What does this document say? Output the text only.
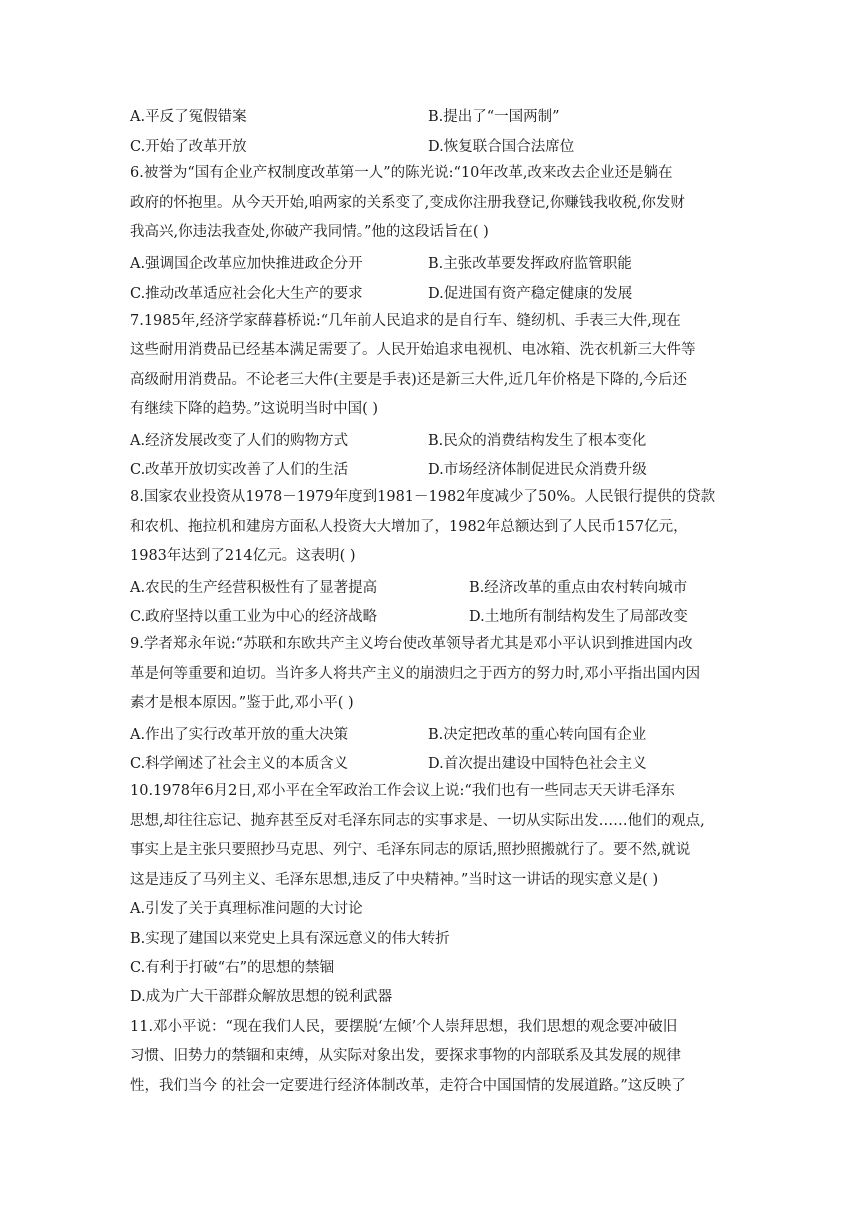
A.平反了冤假错案	B.提出了“一国两制”
C.开始了改革开放	D.恢复联合国合法席位
6.被誉为“国有企业产权制度改革第一人”的陈光说:“10年改革,改来改去企业还是躺在
政府的怀抱里。从今天开始,咱两家的关系变了,变成你注册我登记,你赚钱我收税,你发财
我高兴,你违法我查处,你破产我同情。”他的这段话旨在( )
A.强调国企改革应加快推进政企分开	B.主张改革要发挥政府监管职能
C.推动改革适应社会化大生产的要求	D.促进国有资产稳定健康的发展
7.1985年,经济学家薛暮桥说:“几年前人民追求的是自行车、缝纫机、手表三大件,现在
这些耐用消费品已经基本满足需要了。人民开始追求电视机、电冰箱、洗衣机新三大件等
高级耐用消费品。不论老三大件(主要是手表)还是新三大件,近几年价格是下降的,今后还
有继续下降的趋势。”这说明当时中国( )
A.经济发展改变了人们的购物方式	B.民众的消费结构发生了根本变化
C.改革开放切实改善了人们的生活	D.市场经济体制促进民众消费升级
8.国家农业投资从1978－1979年度到1981－1982年度减少了50%。人民银行提供的贷款
和农机、拖拉机和建房方面私人投资大大增加了，1982年总额达到了人民币157亿元，
1983年达到了214亿元。这表明( )
A.农民的生产经营积极性有了显著提高	B.经济改革的重点由农村转向城市
C.政府坚持以重工业为中心的经济战略	D.土地所有制结构发生了局部改变
9.学者郑永年说:“苏联和东欧共产主义垮台使改革领导者尤其是邓小平认识到推进国内改
革是何等重要和迫切。当许多人将共产主义的崩溃归之于西方的努力时,邓小平指出国内因
素才是根本原因。”鉴于此,邓小平( )
A.作出了实行改革开放的重大决策	B.决定把改革的重心转向国有企业
C.科学阐述了社会主义的本质含义	D.首次提出建设中国特色社会主义
10.1978年6月2日,邓小平在全军政治工作会议上说:“我们也有一些同志天天讲毛泽东
思想,却往往忘记、抛弃甚至反对毛泽东同志的实事求是、一切从实际出发……他们的观点,
事实上是主张只要照抄马克思、列宁、毛泽东同志的原话,照抄照搬就行了。要不然,就说
这是违反了马列主义、毛泽东思想,违反了中央精神。”当时这一讲话的现实意义是( )
A.引发了关于真理标准问题的大讨论
B.实现了建国以来党史上具有深远意义的伟大转折
C.有利于打破“右”的思想的禁锢
D.成为广大干部群众解放思想的锐利武器
11.邓小平说：“现在我们人民，要摆脱‘左倾’个人崇拜思想，我们思想的观念要冲破旧
习惯、旧势力的禁锢和束缚，从实际对象出发，要探求事物的内部联系及其发展的规律
性，我们当今 的社会一定要进行经济体制改革，走符合中国国情的发展道路。”这反映了
